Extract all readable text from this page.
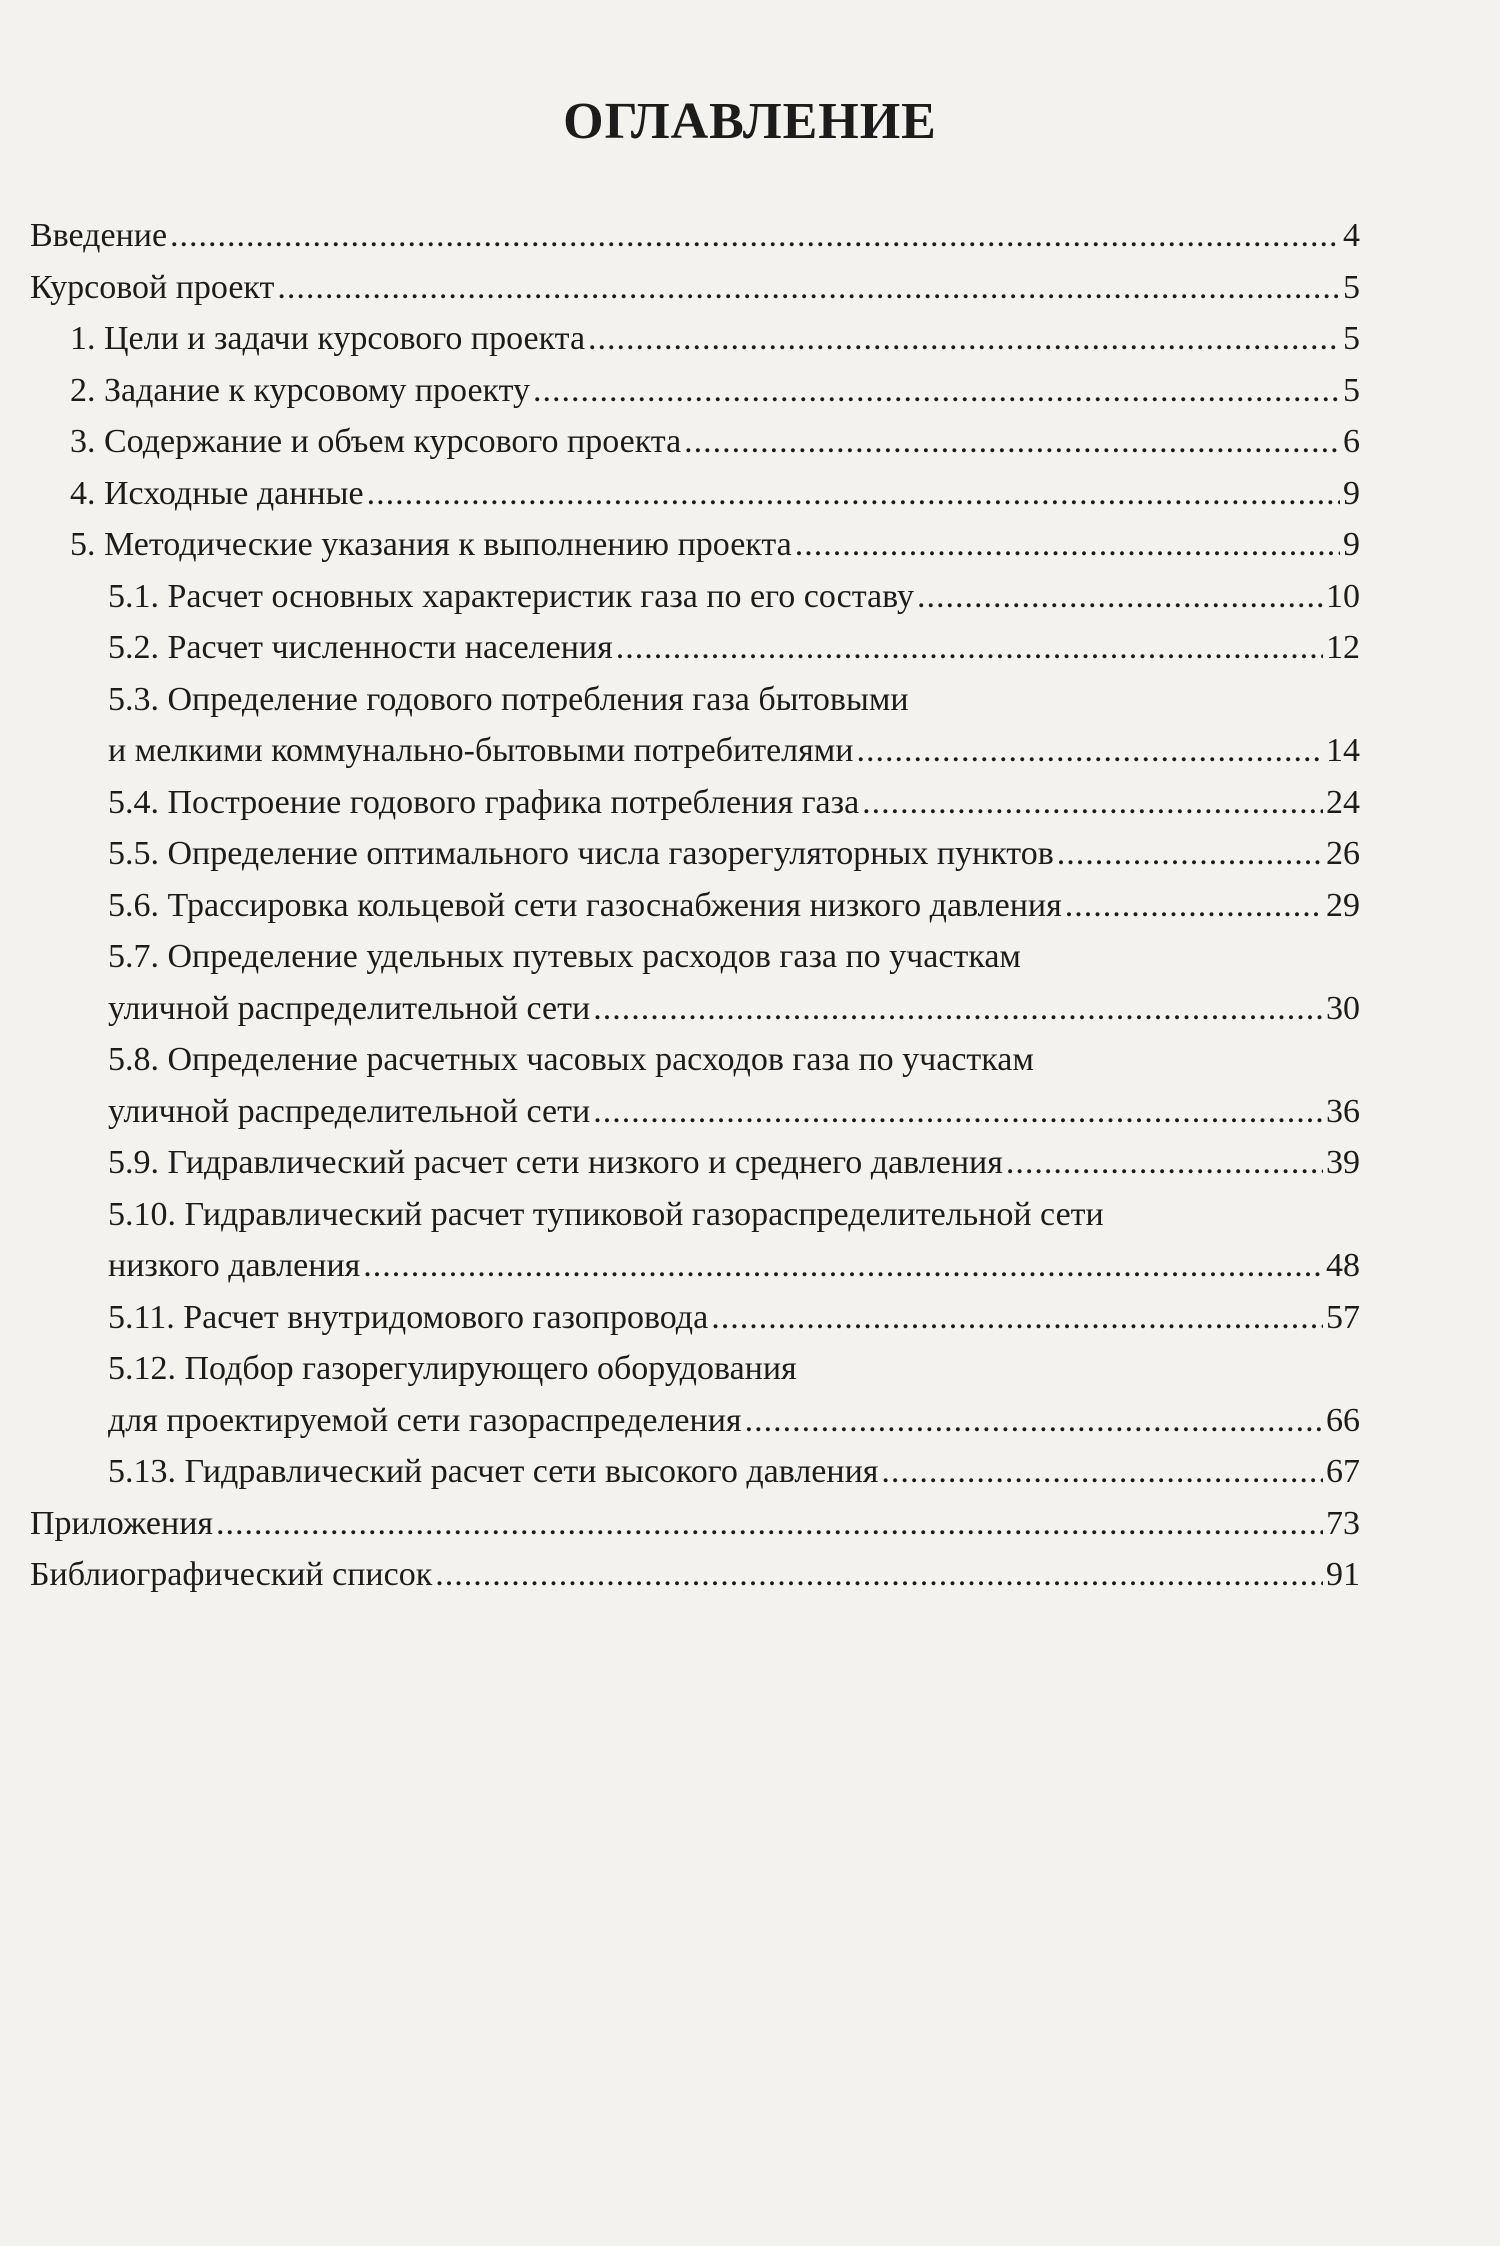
ОГЛАВЛЕНИЕ
Введение .....	4
Курсовой проект .....	5
1. Цели и задачи курсового проекта .....	5
2. Задание к курсовому проекту .....	5
3. Содержание и объем курсового проекта .....	6
4. Исходные данные .....	9
5. Методические указания к выполнению проекта .....	9
5.1. Расчет основных характеристик газа по его составу .....	10
5.2. Расчет численности населения .....	12
5.3. Определение годового потребления газа бытовыми
и мелкими коммунально-бытовыми потребителями .....	14
5.4. Построение годового графика потребления газа .....	24
5.5. Определение оптимального числа газорегуляторных пунктов .....	26
5.6. Трассировка кольцевой сети газоснабжения низкого давления .....	29
5.7. Определение удельных путевых расходов газа по участкам
уличной распределительной сети .....	30
5.8. Определение расчетных часовых расходов газа по участкам
уличной распределительной сети .....	36
5.9. Гидравлический расчет сети низкого и среднего давления .....	39
5.10. Гидравлический расчет тупиковой газораспределительной сети
низкого давления .....	48
5.11. Расчет внутридомового газопровода .....	57
5.12. Подбор газорегулирующего оборудования
для проектируемой сети газораспределения .....	66
5.13. Гидравлический расчет сети высокого давления .....	67
Приложения .....	73
Библиографический список .....	91
